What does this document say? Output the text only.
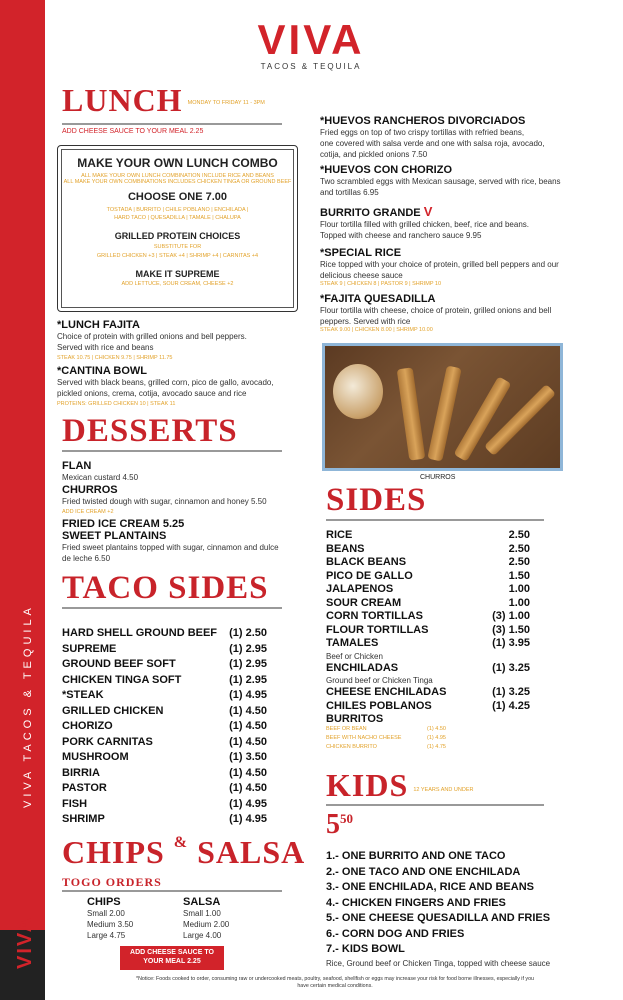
VIVA TACOS & TEQUILA
VIVA
VIVA
TACOS & TEQUILA
LUNCH MONDAY TO FRIDAY 11 - 3PM
ADD CHEESE SAUCE TO YOUR MEAL 2.25
MAKE YOUR OWN LUNCH COMBO
ALL MAKE YOUR OWN LUNCH COMBINATION INCLUDE RICE AND BEANS
ALL MAKE YOUR OWN COMBINATIONS INCLUDES CHICKEN TINGA OR GROUND BEEF
CHOOSE ONE 7.00
TOSTADA | BURRITO | CHILE POBLANO | ENCHILADA |
HARD TACO | QUESADILLA | TAMALE | CHALUPA
GRILLED PROTEIN CHOICES
SUBSTITUTE FOR
GRILLED CHICKEN +3 | STEAK +4 | SHRIMP +4 | CARNITAS +4
MAKE IT SUPREME
ADD LETTUCE, SOUR CREAM, CHEESE +2
*LUNCH FAJITA
Choice of protein with grilled onions and bell peppers.
Served with rice and beans
STEAK 10.75 | CHICKEN 9.75 | SHRIMP 11.75
*CANTINA BOWL
Served with black beans, grilled corn, pico de gallo, avocado,
pickled onions, crema, cotija, avocado sauce and rice
PROTEINS: GRILLED CHICKEN 10 | STEAK 11
*HUEVOS RANCHEROS DIVORCIADOS
Fried eggs on top of two crispy tortillas with refried beans,
one covered with salsa verde and one with salsa roja, avocado,
cotija, and pickled onions 7.50
*HUEVOS CON CHORIZO
Two scrambled eggs with Mexican sausage, served with rice, beans
and tortillas 6.95
BURRITO GRANDE V
Flour tortilla filled with grilled chicken, beef, rice and beans.
Topped with cheese and ranchero sauce 9.95
*SPECIAL RICE
Rice topped with your choice of protein, grilled bell peppers and our
delicious cheese sauce
STEAK 9 | CHICKEN 8 | PASTOR 9 | SHRIMP 10
*FAJITA QUESADILLA
Flour tortilla with cheese, choice of protein, grilled onions and bell
peppers. Served with rice
STEAK 9.00 | CHICKEN 8.00 | SHRIMP 10.00
CHURROS
DESSERTS
FLAN
Mexican custard 4.50
CHURROS
Fried twisted dough with sugar, cinnamon and honey 5.50
ADD ICE CREAM +2
FRIED ICE CREAM 5.25
SWEET PLANTAINS
Fried sweet plantains topped with sugar, cinnamon and dulce
de leche 6.50
TACO SIDES
HARD SHELL GROUND BEEF (1) 2.50
SUPREME	(1) 2.95
GROUND BEEF SOFT	(1) 2.95
CHICKEN TINGA SOFT	(1) 2.95
*STEAK	(1) 4.95
GRILLED CHICKEN	(1) 4.50
CHORIZO	(1) 4.50
PORK CARNITAS	(1) 4.50
MUSHROOM	(1) 3.50
BIRRIA	(1) 4.50
PASTOR	(1) 4.50
FISH	(1) 4.95
SHRIMP	(1) 4.95
CHIPS & SALSA
TOGO ORDERS
CHIPS
Small 2.00
Medium 3.50
Large 4.75
SALSA
Small 1.00
Medium 2.00
Large 4.00
ADD CHEESE SAUCE TO
YOUR MEAL 2.25
SIDES
RICE	2.50
BEANS	2.50
BLACK BEANS	2.50
PICO DE GALLO	1.50
JALAPENOS	1.00
SOUR CREAM	1.00
CORN TORTILLAS	(3) 1.00
FLOUR TORTILLAS	(3) 1.50
TAMALES	(1) 3.95
Beef or Chicken
ENCHILADAS	(1) 3.25
Ground beef or Chicken Tinga
CHEESE ENCHILADAS	(1) 3.25
CHILES POBLANOS	(1) 4.25
BURRITOS
BEEF OR BEAN	(1) 4.50
BEEF WITH NACHO CHEESE	(1) 4.95
CHICKEN BURRITO	(1) 4.75
KIDS $_{12 YEARS AND UNDER}$
$5^{50}$
1.- ONE BURRITO AND ONE TACO
2.- ONE TACO AND ONE ENCHILADA
3.- ONE ENCHILADA, RICE AND BEANS
4.- CHICKEN FINGERS AND FRIES
5.- ONE CHEESE QUESADILLA AND FRIES
6.- CORN DOG AND FRIES
7.- KIDS BOWL
Rice, Ground beef or Chicken Tinga, topped with cheese sauce
*Notice: Foods cooked to order, consuming raw or undercooked meats, poultry, seafood, shellfish or eggs may increase your risk for food borne illnesses, especially if you
have certain medical conditions.
